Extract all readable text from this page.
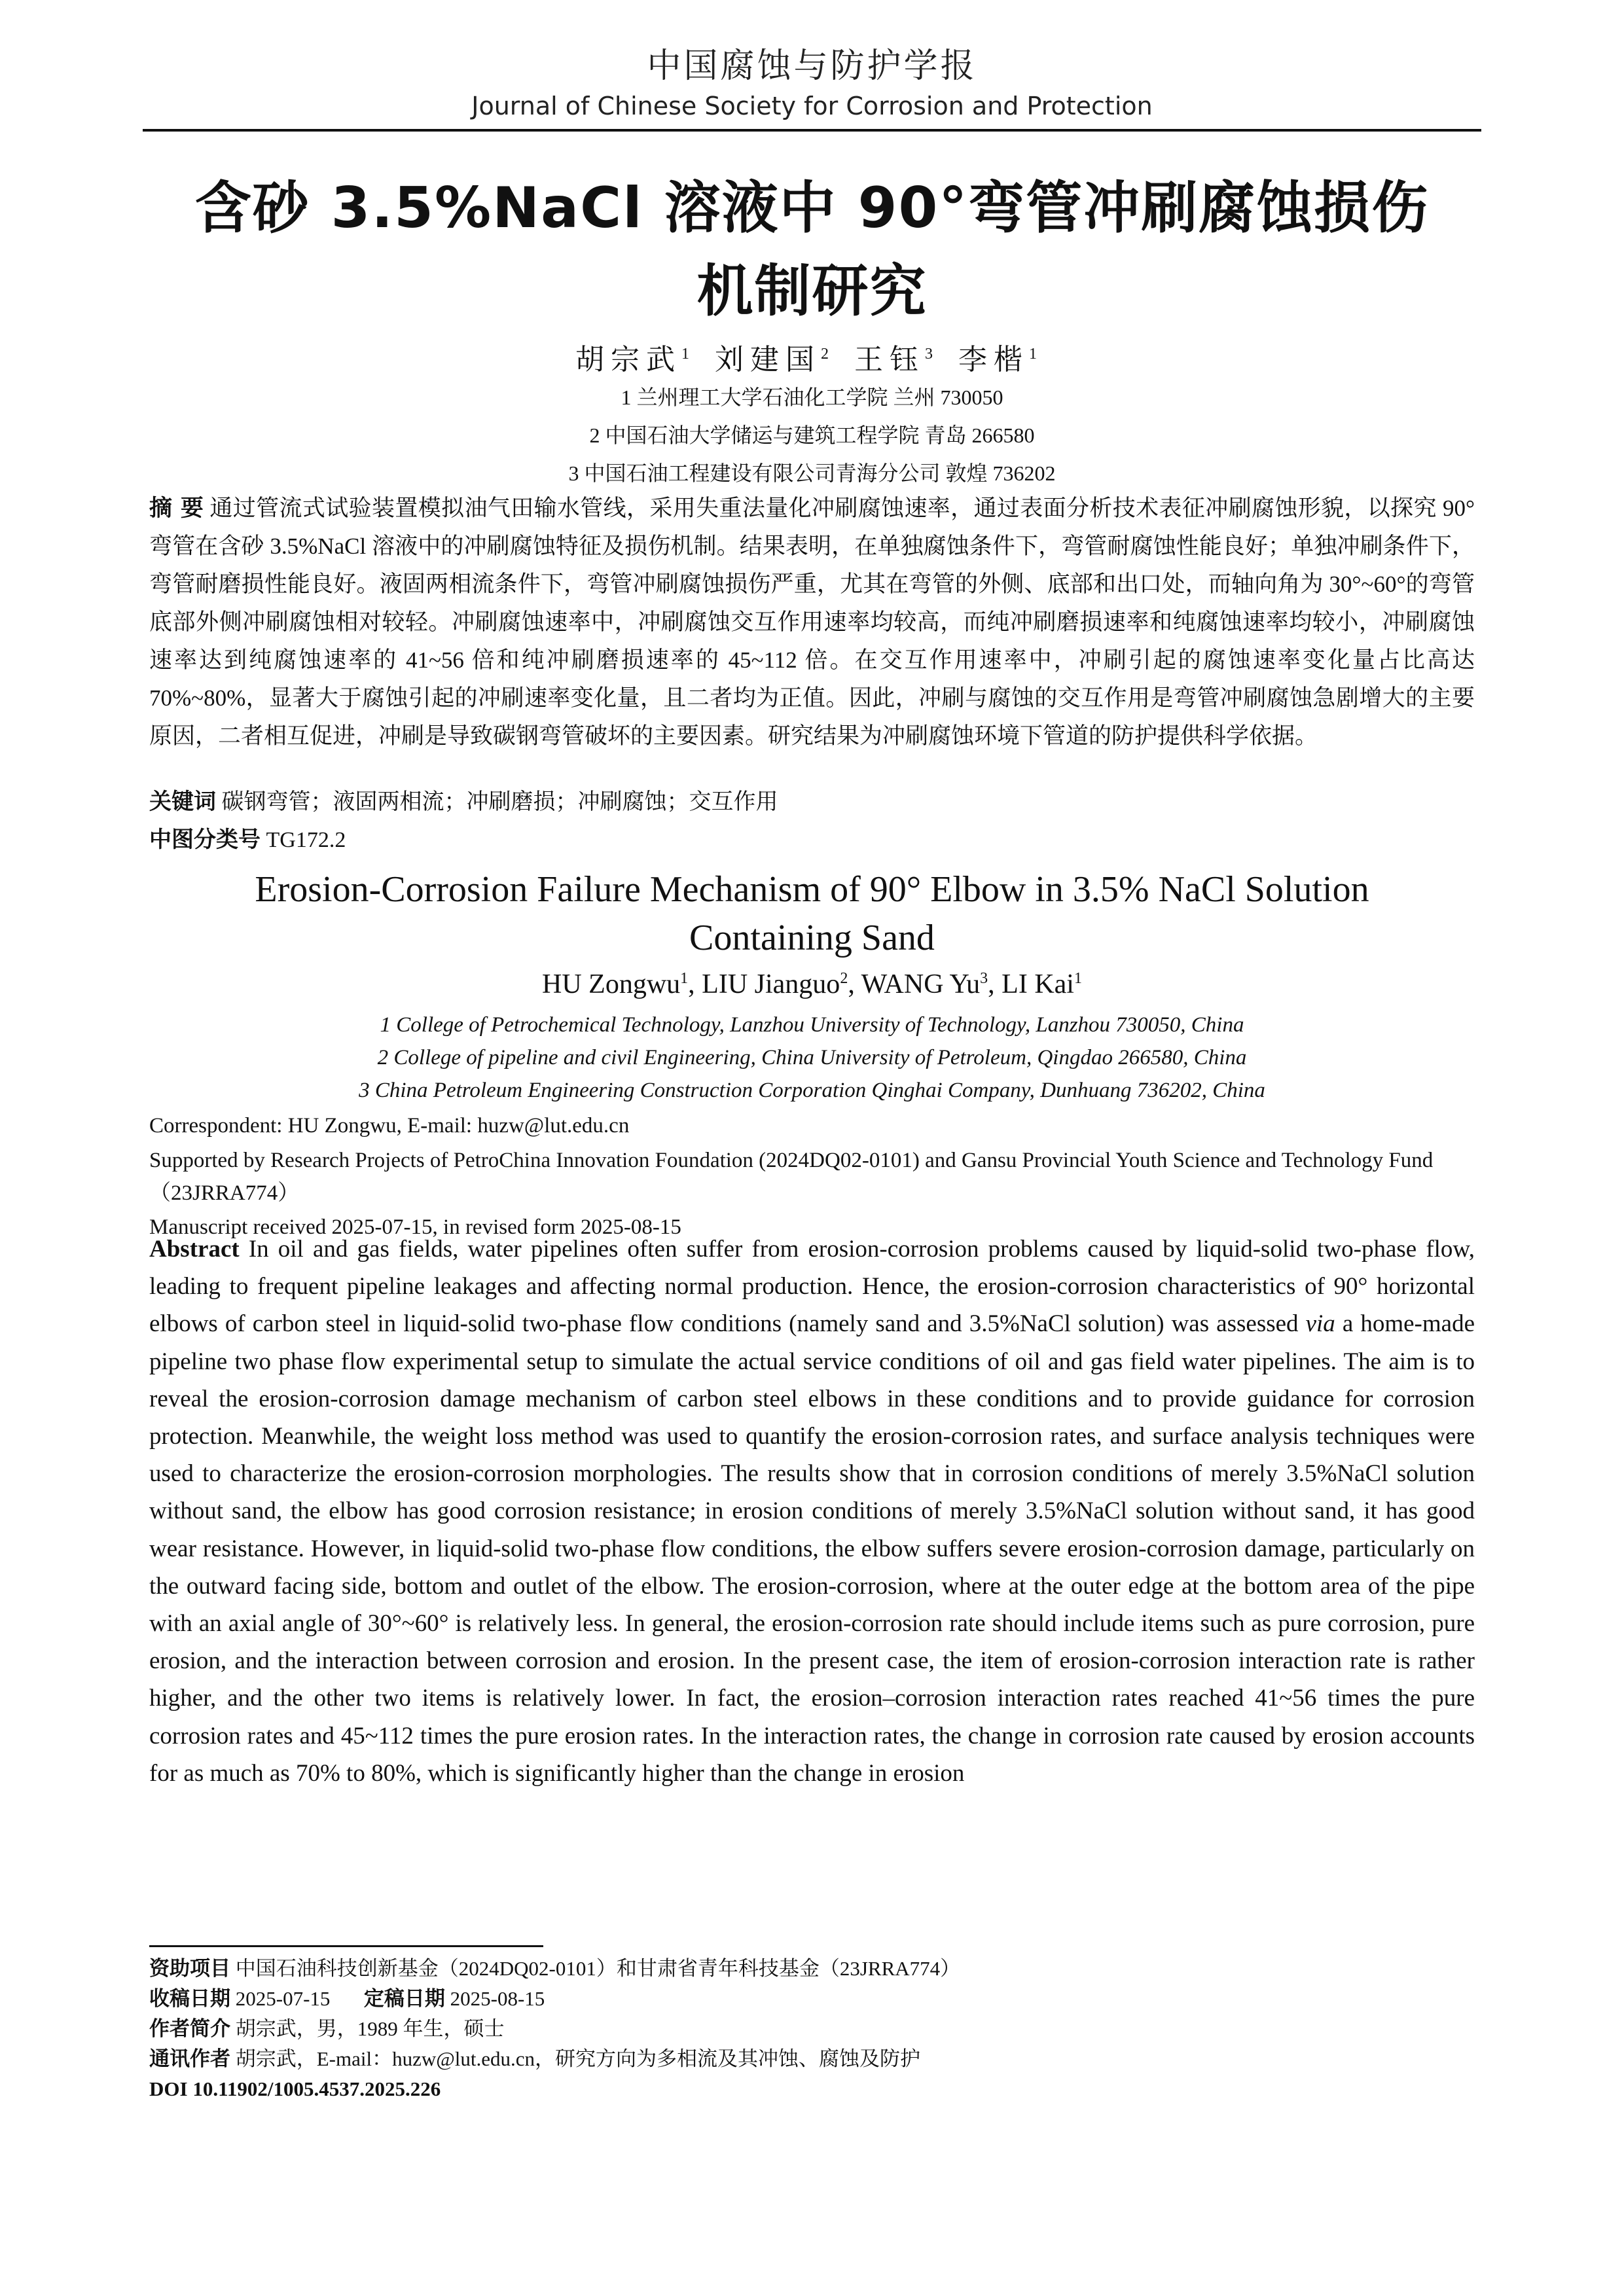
中国腐蚀与防护学报
Journal of Chinese Society for Corrosion and Protection
含砂 3.5%NaCl 溶液中 90°弯管冲刷腐蚀损伤
机制研究
胡宗武$^1$ 刘建国$^2$ 王钰$^3$ 李楷$^1$
1 兰州理工大学石油化工学院 兰州 730050
2 中国石油大学储运与建筑工程学院 青岛 266580
3 中国石油工程建设有限公司青海分公司 敦煌 736202
摘 要 通过管流式试验装置模拟油气田输水管线，采用失重法量化冲刷腐蚀速率，通过表面分析技术表征冲刷腐蚀形貌，以探究 90°弯管在含砂 3.5%NaCl 溶液中的冲刷腐蚀特征及损伤机制。结果表明，在单独腐蚀条件下，弯管耐腐蚀性能良好；单独冲刷条件下，弯管耐磨损性能良好。液固两相流条件下，弯管冲刷腐蚀损伤严重，尤其在弯管的外侧、底部和出口处，而轴向角为 30°~60°的弯管底部外侧冲刷腐蚀相对较轻。冲刷腐蚀速率中，冲刷腐蚀交互作用速率均较高，而纯冲刷磨损速率和纯腐蚀速率均较小，冲刷腐蚀速率达到纯腐蚀速率的 41~56 倍和纯冲刷磨损速率的 45~112 倍。在交互作用速率中，冲刷引起的腐蚀速率变化量占比高达 70%~80%，显著大于腐蚀引起的冲刷速率变化量，且二者均为正值。因此，冲刷与腐蚀的交互作用是弯管冲刷腐蚀急剧增大的主要原因，二者相互促进，冲刷是导致碳钢弯管破坏的主要因素。研究结果为冲刷腐蚀环境下管道的防护提供科学依据。
关键词 碳钢弯管；液固两相流；冲刷磨损；冲刷腐蚀；交互作用
中图分类号 TG172.2
Erosion-Corrosion Failure Mechanism of 90° Elbow in 3.5% NaCl Solution
Containing Sand
HU Zongwu$^1$, LIU Jianguo$^2$, WANG Yu$^3$, LI Kai$^1$
1 College of Petrochemical Technology, Lanzhou University of Technology, Lanzhou 730050, China
2 College of pipeline and civil Engineering, China University of Petroleum, Qingdao 266580, China
3 China Petroleum Engineering Construction Corporation Qinghai Company, Dunhuang 736202, China
Correspondent: HU Zongwu, E-mail: huzw@lut.edu.cn
Supported by Research Projects of PetroChina Innovation Foundation (2024DQ02-0101) and Gansu Provincial Youth Science and Technology Fund（23JRRA774）
Manuscript received 2025-07-15, in revised form 2025-08-15
Abstract In oil and gas fields, water pipelines often suffer from erosion-corrosion problems caused by liquid-solid two-phase flow, leading to frequent pipeline leakages and affecting normal production. Hence, the erosion-corrosion characteristics of 90° horizontal elbows of carbon steel in liquid-solid two-phase flow conditions (namely sand and 3.5%NaCl solution) was assessed via a home-made pipeline two phase flow experimental setup to simulate the actual service conditions of oil and gas field water pipelines. The aim is to reveal the erosion-corrosion damage mechanism of carbon steel elbows in these conditions and to provide guidance for corrosion protection. Meanwhile, the weight loss method was used to quantify the erosion-corrosion rates, and surface analysis techniques were used to characterize the erosion-corrosion morphologies. The results show that in corrosion conditions of merely 3.5%NaCl solution without sand, the elbow has good corrosion resistance; in erosion conditions of merely 3.5%NaCl solution without sand, it has good wear resistance. However, in liquid-solid two-phase flow conditions, the elbow suffers severe erosion-corrosion damage, particularly on the outward facing side, bottom and outlet of the elbow. The erosion-corrosion, where at the outer edge at the bottom area of the pipe with an axial angle of 30°~60° is relatively less. In general, the erosion-corrosion rate should include items such as pure corrosion, pure erosion, and the interaction between corrosion and erosion. In the present case, the item of erosion-corrosion interaction rate is rather higher, and the other two items is relatively lower. In fact, the erosion–corrosion interaction rates reached 41~56 times the pure corrosion rates and 45~112 times the pure erosion rates. In the interaction rates, the change in corrosion rate caused by erosion accounts for as much as 70% to 80%, which is significantly higher than the change in erosion
资助项目 中国石油科技创新基金（2024DQ02-0101）和甘肃省青年科技基金（23JRRA774）
收稿日期 2025-07-15 定稿日期 2025-08-15
作者简介 胡宗武，男，1989 年生，硕士
通讯作者 胡宗武，E-mail：huzw@lut.edu.cn，研究方向为多相流及其冲蚀、腐蚀及防护
DOI 10.11902/1005.4537.2025.226
